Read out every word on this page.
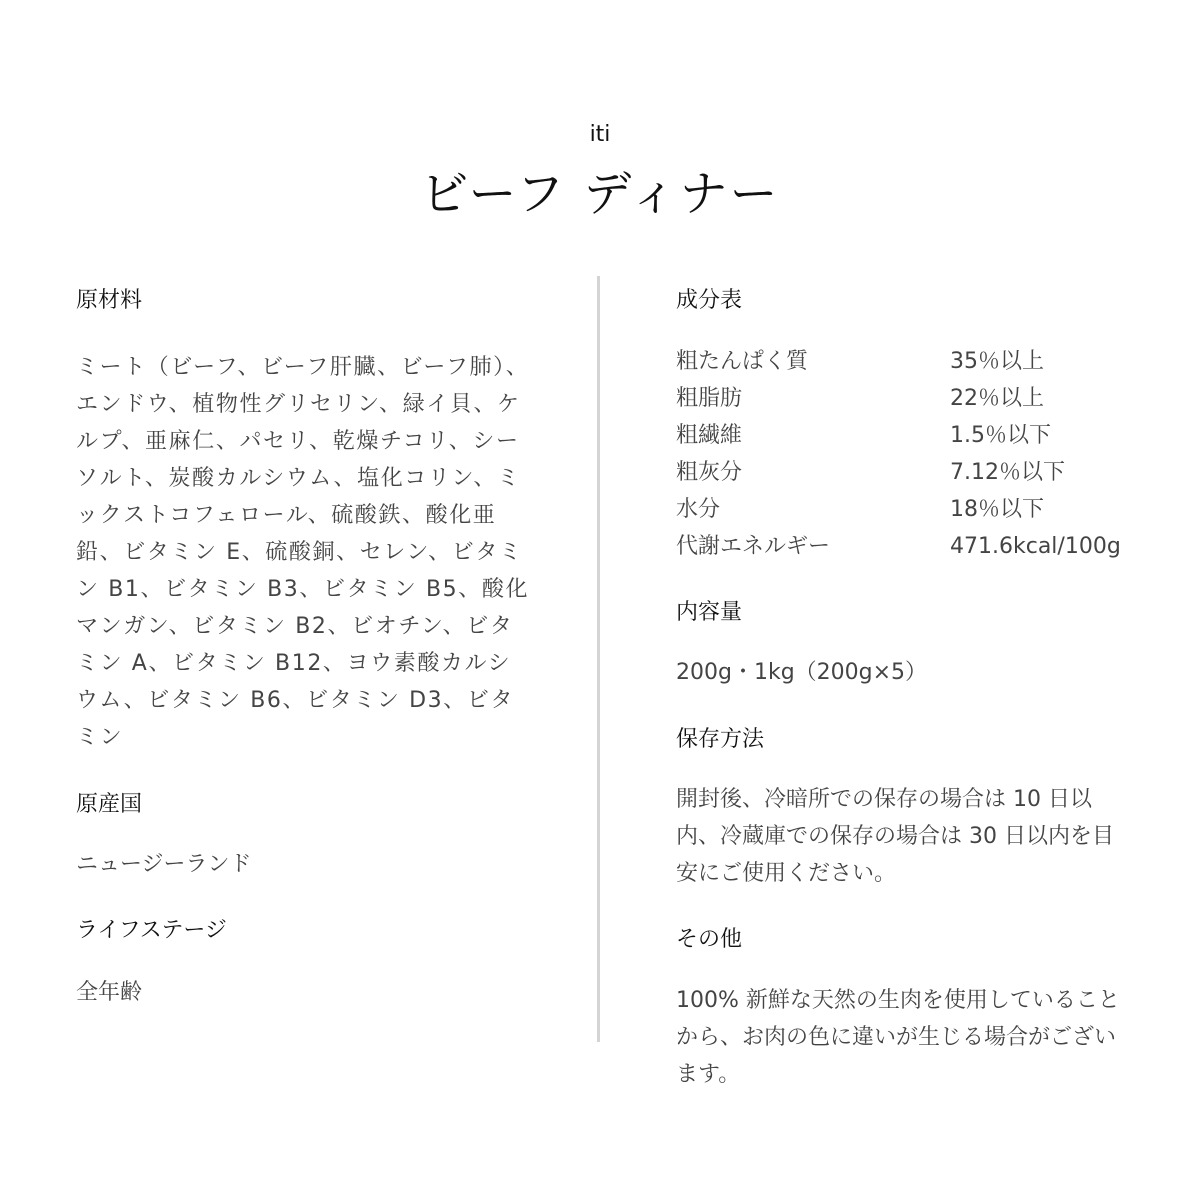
iti
ビーフ ディナー
原材料

ミート（ビーフ、ビーフ肝臓、ビーフ肺）、エンドウ、植物性グリセリン、緑イ貝、ケルプ、亜麻仁、パセリ、乾燥チコリ、シーソルト、炭酸カルシウム、塩化コリン、ミックストコフェロール、硫酸鉄、酸化亜鉛、ビタミン E、硫酸銅、セレン、ビタミン B1、ビタミン B3、ビタミン B5、酸化マンガン、ビタミン B2、ビオチン、ビタミン A、ビタミン B12、ヨウ素酸カルシウム、ビタミン B6、ビタミン D3、ビタミン

原産国

ニュージーランド

ライフステージ

全年齢

成分表
粗たんぱく質	35％以上
粗脂肪	22％以上
粗繊維	1.5％以下
粗灰分	7.12％以下
水分	18％以下
代謝エネルギー	471.6kcal/100g
内容量

200g・1kg（200g×5）

保存方法

開封後、冷暗所での保存の場合は 10 日以内、冷蔵庫での保存の場合は 30 日以内を目安にご使用ください。

その他

100% 新鮮な天然の生肉を使用していることから、お肉の色に違いが生じる場合がございます。
